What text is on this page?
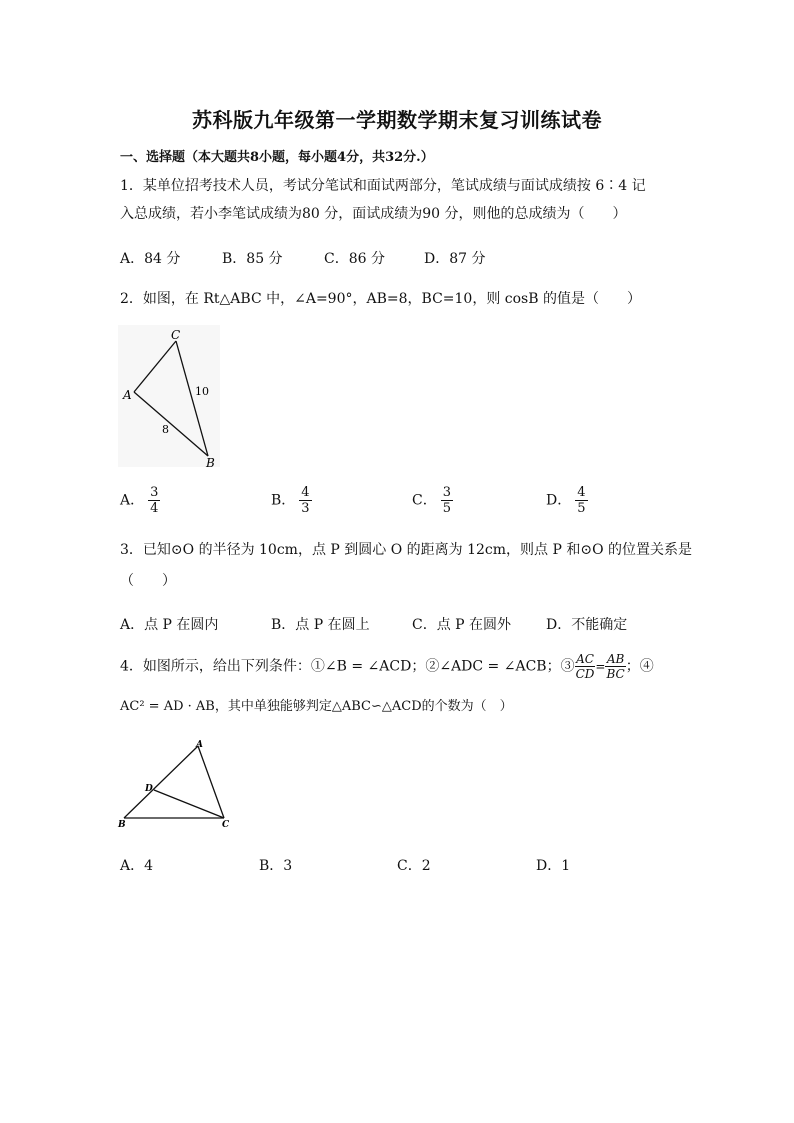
苏科版九年级第一学期数学期末复习训练试卷
一、选择题（本大题共8小题，每小题4分，共32分.）
1．某单位招考技术人员，考试分笔试和面试两部分，笔试成绩与面试成绩按 6∶4 记
入总成绩，若小李笔试成绩为80 分，面试成绩为90 分，则他的总成绩为（　　）
A．84 分	B．85 分	C．86 分	D．87 分
2．如图，在 Rt△ABC 中，∠A=90°，AB=8，BC=10，则 cosB 的值是（　　）
C
A
B
10
8
A． $\frac{3}{4}$	B． $\frac{4}{3}$	C． $\frac{3}{5}$	D． $\frac{4}{5}$
3．已知⊙O 的半径为 10cm，点 P 到圆心 O 的距离为 12cm，则点 P 和⊙O 的位置关系是
（　　）
A．点 P 在圆内	B．点 P 在圆上	C．点 P 在圆外 D．不能确定
4．如图所示，给出下列条件：①∠B = ∠ACD；②∠ADC = ∠ACB；③ $\frac{AC}{CD} = \frac{AB}{BC}$ ；④
AC² = AD · AB，其中单独能够判定△ABC∽△ACD的个数为（　）
A
D
B	C
A．4	B．3	C．2	D．1
